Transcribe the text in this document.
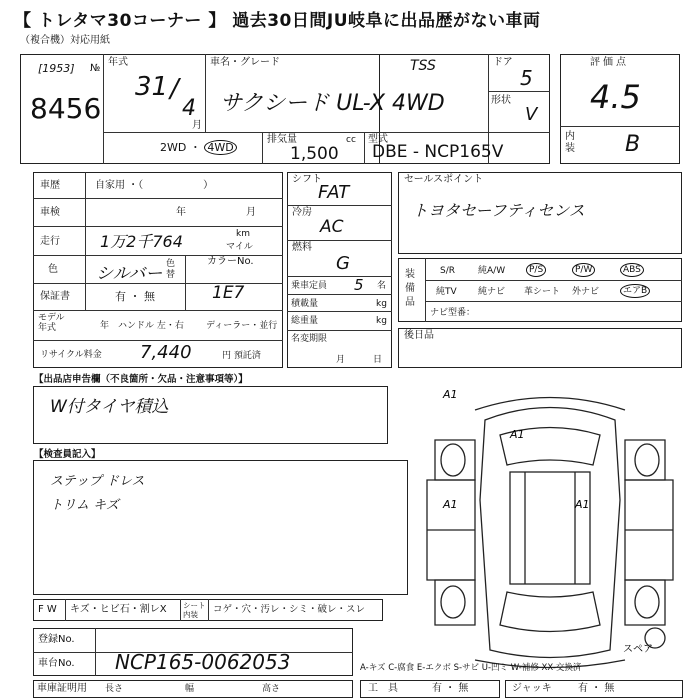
【 トレタマ30コーナー 】 過去30日間JU岐阜に出品歴がない車両
（複合機）対応用紙
[1953] №
8456
年式
31 /
4
月
車名・グレード	TSS
サクシード UL-X 4WD
ドア
5
形状
V
評価点
4.5
内装 B
2WD ・ 4WD
排気量	cc
1,500
型式
DBE - NCP165V
車歴	自家用 ・（　　　　　　）
車検	年	月
走行	1万2千764	km
マイル
色 シルバー 色替
カラーNo.
1E7
保証書	有 ・ 無
モデル年式	年 ハンドル 左・右 ディーラー・並行
リサイクル料金 7,440	円 預託済
シフト
FAT
冷房
AC
燃料
G
乗車定員 5 名
積載量	kg
総重量	kg
名変期限
月	日
セールスポイント
トヨタセーフティセンス
装備品
S/R	純A/W	P/S	P/W	ABS
純TV 純ナビ 革シート 外ナビ	エアB
ナビ型番：
後日品
【出品店申告欄（不良箇所・欠品・注意事項等）】
W付タイヤ積込
【検査員記入】
ステップ ドレス
トリム キズ
A1
A1
A1	A1
スペア
F W キズ・ヒビ石・割レX シート内装	コゲ・穴・汚レ・シミ・破レ・スレ
登録No.
車台No. NCP165-0062053	A-キズ C-腐食 E-エクボ S-サビ U-凹ミ W-補修 XX-交換済
車庫証明用 長さ	幅	高さ	工　具	有 ・ 無	ジャッキ	有 ・ 無
